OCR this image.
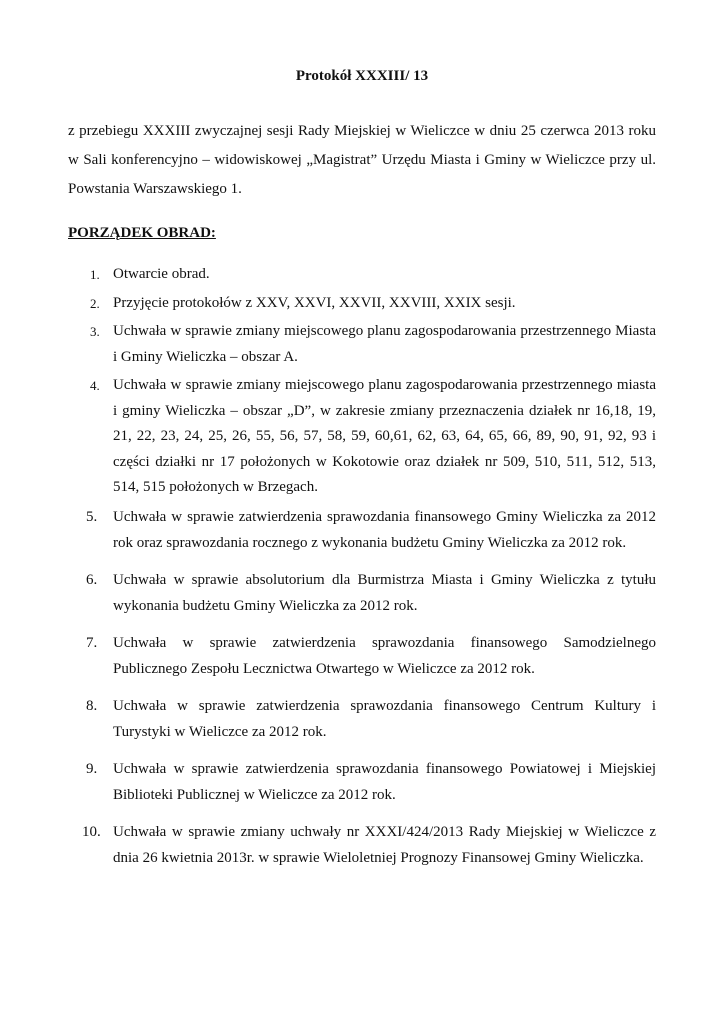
Protokół XXXIII/ 13

z przebiegu XXXIII zwyczajnej sesji Rady Miejskiej w Wieliczce w dniu 25 czerwca 2013 roku w Sali konferencyjno – widowiskowej „Magistrat” Urzędu Miasta i Gminy w Wieliczce przy ul. Powstania Warszawskiego 1.

PORZĄDEK OBRAD:
1. Otwarcie obrad.
2. Przyjęcie protokołów z XXV, XXVI, XXVII, XXVIII, XXIX sesji.
3. Uchwała w sprawie zmiany miejscowego planu zagospodarowania przestrzennego Miasta i Gminy Wieliczka – obszar A.
4. Uchwała w sprawie zmiany miejscowego planu zagospodarowania przestrzennego miasta i gminy Wieliczka – obszar „D”, w zakresie zmiany przeznaczenia działek nr 16,18, 19, 21, 22, 23, 24, 25, 26, 55, 56, 57, 58, 59, 60,61, 62, 63, 64, 65, 66, 89, 90, 91, 92, 93 i części działki nr 17 położonych w Kokotowie oraz działek nr 509, 510, 511, 512, 513, 514, 515 położonych w Brzegach.
5. Uchwała w sprawie zatwierdzenia sprawozdania finansowego Gminy Wieliczka za 2012 rok oraz sprawozdania rocznego z wykonania budżetu Gminy Wieliczka za 2012 rok.
6. Uchwała w sprawie absolutorium dla Burmistrza Miasta i Gminy Wieliczka z tytułu wykonania budżetu Gminy Wieliczka za 2012 rok.
7. Uchwała w sprawie zatwierdzenia sprawozdania finansowego Samodzielnego Publicznego Zespołu Lecznictwa Otwartego w Wieliczce za 2012 rok.
8. Uchwała w sprawie zatwierdzenia sprawozdania finansowego Centrum Kultury i Turystyki w Wieliczce za 2012 rok.
9. Uchwała w sprawie zatwierdzenia sprawozdania finansowego Powiatowej i Miejskiej Biblioteki Publicznej w Wieliczce za 2012 rok.
10. Uchwała w sprawie zmiany uchwały nr XXXI/424/2013 Rady Miejskiej w Wieliczce z dnia 26 kwietnia 2013r. w sprawie Wieloletniej Prognozy Finansowej Gminy Wieliczka.
